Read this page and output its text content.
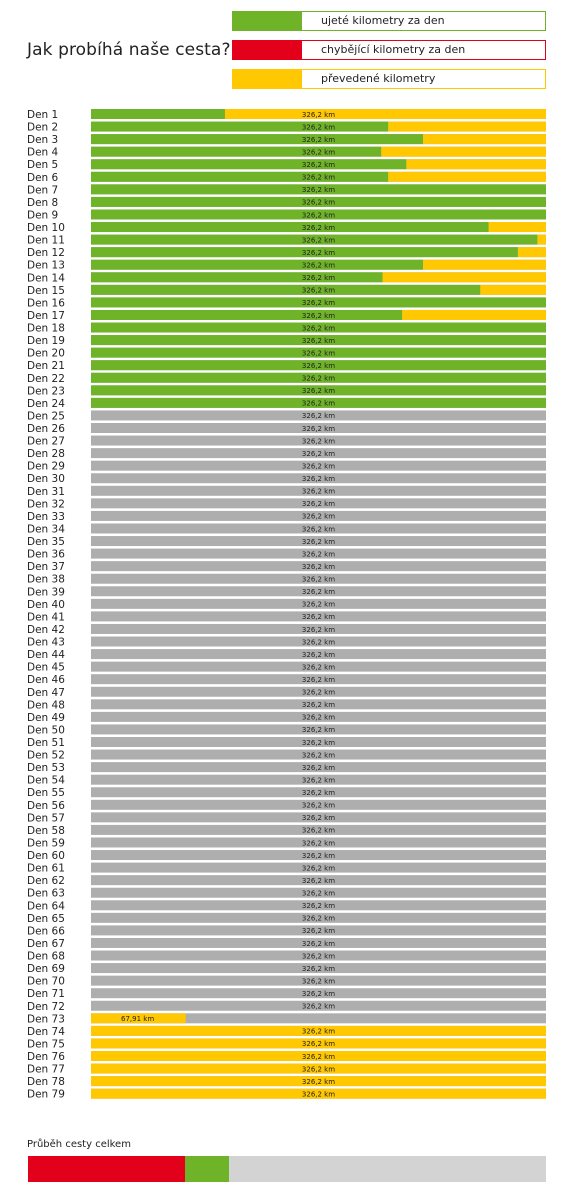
Jak probíhá naše cesta?
ujeté kilometry za den
chybějící kilometry za den
převedené kilometry
Den 1	326,2 km
Den 2	326,2 km
Den 3	326,2 km
Den 4	326,2 km
Den 5	326,2 km
Den 6	326,2 km
Den 7	326,2 km
Den 8	326,2 km
Den 9	326,2 km
Den 10	326,2 km
Den 11	326,2 km
Den 12	326,2 km
Den 13	326,2 km
Den 14	326,2 km
Den 15	326,2 km
Den 16	326,2 km
Den 17	326,2 km
Den 18	326,2 km
Den 19	326,2 km
Den 20	326,2 km
Den 21	326,2 km
Den 22	326,2 km
Den 23	326,2 km
Den 24	326,2 km
Den 25	326,2 km
Den 26	326,2 km
Den 27	326,2 km
Den 28	326,2 km
Den 29	326,2 km
Den 30	326,2 km
Den 31	326,2 km
Den 32	326,2 km
Den 33	326,2 km
Den 34	326,2 km
Den 35	326,2 km
Den 36	326,2 km
Den 37	326,2 km
Den 38	326,2 km
Den 39	326,2 km
Den 40	326,2 km
Den 41	326,2 km
Den 42	326,2 km
Den 43	326,2 km
Den 44	326,2 km
Den 45	326,2 km
Den 46	326,2 km
Den 47	326,2 km
Den 48	326,2 km
Den 49	326,2 km
Den 50	326,2 km
Den 51	326,2 km
Den 52	326,2 km
Den 53	326,2 km
Den 54	326,2 km
Den 55	326,2 km
Den 56	326,2 km
Den 57	326,2 km
Den 58	326,2 km
Den 59	326,2 km
Den 60	326,2 km
Den 61	326,2 km
Den 62	326,2 km
Den 63	326,2 km
Den 64	326,2 km
Den 65	326,2 km
Den 66	326,2 km
Den 67	326,2 km
Den 68	326,2 km
Den 69	326,2 km
Den 70	326,2 km
Den 71	326,2 km
Den 72	326,2 km
Den 73	67,91 km
Den 74	326,2 km
Den 75	326,2 km
Den 76	326,2 km
Den 77	326,2 km
Den 78	326,2 km
Den 79	326,2 km
Průběh cesty celkem
